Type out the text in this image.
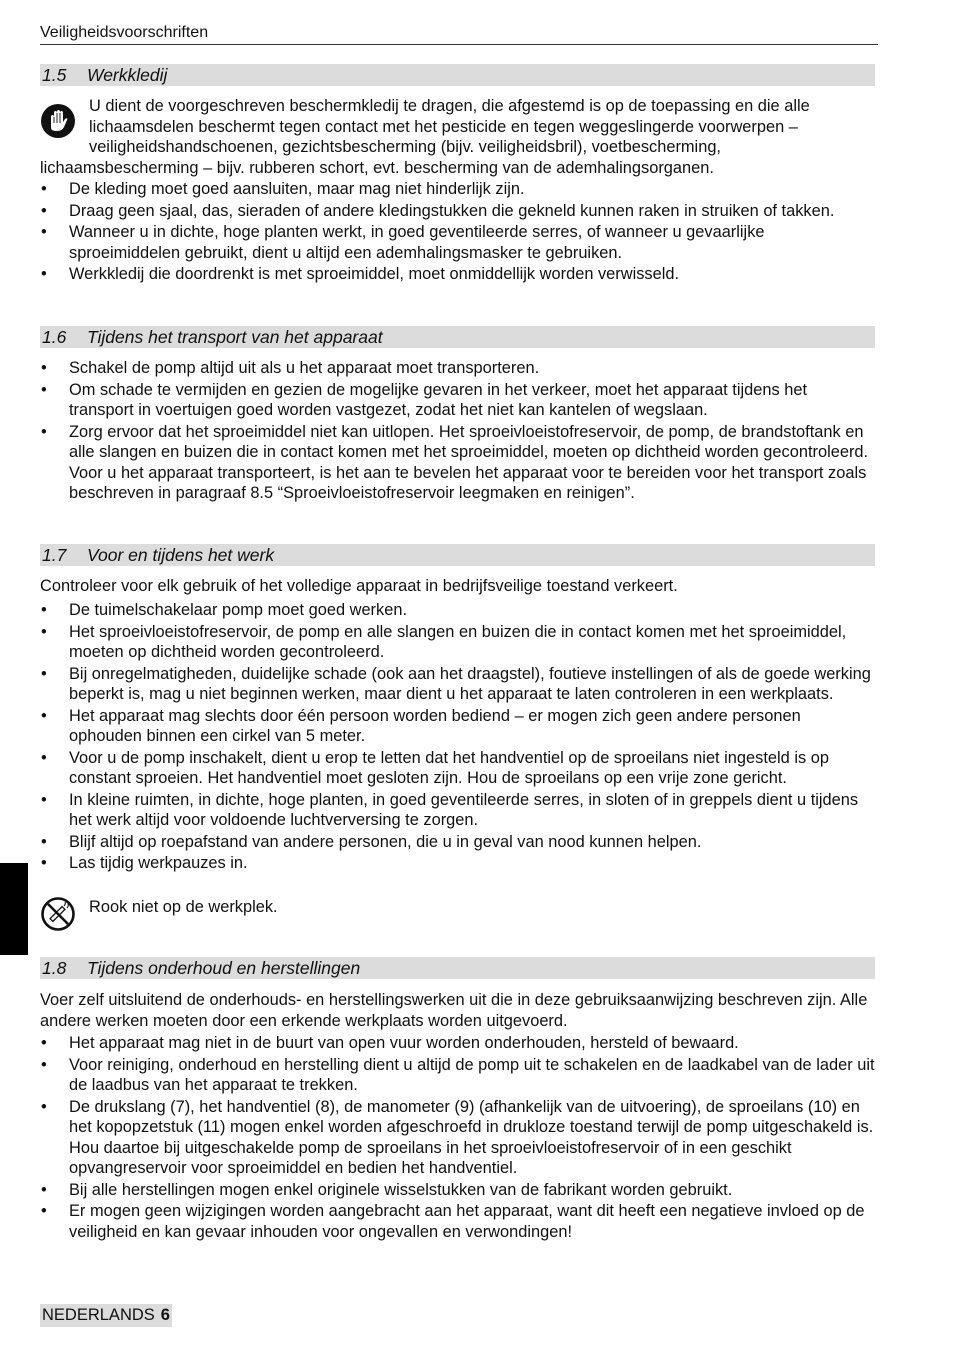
Veiligheidsvoorschriften
1.5 Werkkledij
U dient de voorgeschreven beschermkledij te dragen, die afgestemd is op de toepassing en die alle lichaamsdelen beschermt tegen contact met het pesticide en tegen weggeslingerde voorwerpen – veiligheidshandschoenen, gezichtsbescherming (bijv. veiligheidsbril), voetbescherming,
lichaamsbescherming – bijv. rubberen schort, evt. bescherming van de ademhalingsorganen.
• De kleding moet goed aansluiten, maar mag niet hinderlijk zijn.
• Draag geen sjaal, das, sieraden of andere kledingstukken die gekneld kunnen raken in struiken of takken.
• Wanneer u in dichte, hoge planten werkt, in goed geventileerde serres, of wanneer u gevaarlijke sproeimiddelen gebruikt, dient u altijd een ademhalingsmasker te gebruiken.
• Werkkledij die doordrenkt is met sproeimiddel, moet onmiddellijk worden verwisseld.
1.6 Tijdens het transport van het apparaat
• Schakel de pomp altijd uit als u het apparaat moet transporteren.
• Om schade te vermijden en gezien de mogelijke gevaren in het verkeer, moet het apparaat tijdens het transport in voertuigen goed worden vastgezet, zodat het niet kan kantelen of wegslaan.
• Zorg ervoor dat het sproeimiddel niet kan uitlopen. Het sproeivloeistofreservoir, de pomp, de brandstoftank en alle slangen en buizen die in contact komen met het sproeimiddel, moeten op dichtheid worden gecontroleerd. Voor u het apparaat transporteert, is het aan te bevelen het apparaat voor te bereiden voor het transport zoals beschreven in paragraaf 8.5 “Sproeivloeistofreservoir leegmaken en reinigen”.
1.7 Voor en tijdens het werk

Controleer voor elk gebruik of het volledige apparaat in bedrijfsveilige toestand verkeert.

• De tuimelschakelaar pomp moet goed werken.
• Het sproeivloeistofreservoir, de pomp en alle slangen en buizen die in contact komen met het sproeimiddel, moeten op dichtheid worden gecontroleerd.
• Bij onregelmatigheden, duidelijke schade (ook aan het draagstel), foutieve instellingen of als de goede werking beperkt is, mag u niet beginnen werken, maar dient u het apparaat te laten controleren in een werkplaats.
• Het apparaat mag slechts door één persoon worden bediend – er mogen zich geen andere personen ophouden binnen een cirkel van 5 meter.
• Voor u de pomp inschakelt, dient u erop te letten dat het handventiel op de sproeilans niet ingesteld is op constant sproeien. Het handventiel moet gesloten zijn. Hou de sproeilans op een vrije zone gericht.
• In kleine ruimten, in dichte, hoge planten, in goed geventileerde serres, in sloten of in greppels dient u tijdens het werk altijd voor voldoende luchtverversing te zorgen.
• Blijf altijd op roepafstand van andere personen, die u in geval van nood kunnen helpen.
• Las tijdig werkpauzes in.
Rook niet op de werkplek.
1.8 Tijdens onderhoud en herstellingen

Voer zelf uitsluitend de onderhouds- en herstellingswerken uit die in deze gebruiksaanwijzing beschreven zijn. Alle andere werken moeten door een erkende werkplaats worden uitgevoerd.

• Het apparaat mag niet in de buurt van open vuur worden onderhouden, hersteld of bewaard.
• Voor reiniging, onderhoud en herstelling dient u altijd de pomp uit te schakelen en de laadkabel van de lader uit de laadbus van het apparaat te trekken.
• De drukslang (7), het handventiel (8), de manometer (9) (afhankelijk van de uitvoering), de sproeilans (10) en het kopopzetstuk (11) mogen enkel worden afgeschroefd in drukloze toestand terwijl de pomp uitgeschakeld is. Hou daartoe bij uitgeschakelde pomp de sproeilans in het sproeivloeistofreservoir of in een geschikt opvangreservoir voor sproeimiddel en bedien het handventiel.
• Bij alle herstellingen mogen enkel originele wisselstukken van de fabrikant worden gebruikt.
• Er mogen geen wijzigingen worden aangebracht aan het apparaat, want dit heeft een negatieve invloed op de veiligheid en kan gevaar inhouden voor ongevallen en verwondingen!
NEDERLANDS 6
